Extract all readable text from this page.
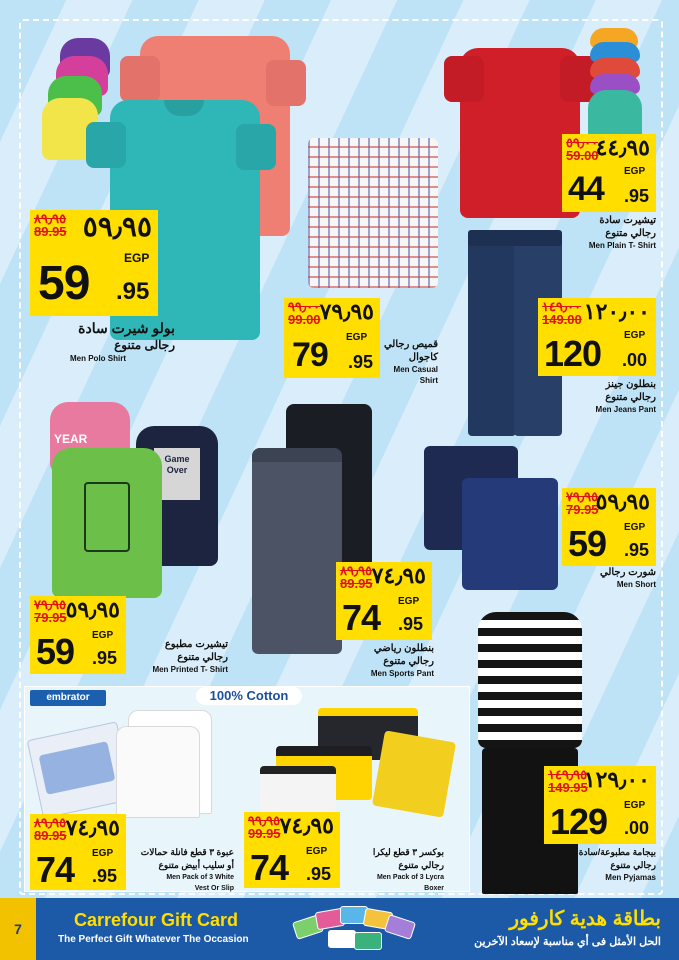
٨٩٫٩٥
89.95 ٥٩٫٩٥
EGP
59 .95
بولو شيرت سادة
رجالى متنوع
Men Polo Shirt
٩٩٫٠٠
99.00 ٧٩٫٩٥
EGP
79 .95
قميص رجالي
كاجوال
Men Casual
Shirt
٥٩٫٠٠
59.00
٤٤٫٩٥
EGP
44 .95
تيشيرت سادة
رجالي متنوع
Men Plain T- Shirt
١٤٩٫٠٠
149.00 ١٢٠٫٠٠
EGP
120 .00
بنطلون جينز
رجالي متنوع
Men Jeans Pant
YEAR
Game Over
٧٩٫٩٥
79.95 ٥٩٫٩٥
EGP
59 .95
تيشيرت مطبوع
رجالي متنوع
Men Printed T- Shirt
٨٩٫٩٥
89.95 ٧٤٫٩٥
EGP
74 .95
بنطلون رياضي
رجالي متنوع
Men Sports Pant
٧٩٫٩٥
79.95
٥٩٫٩٥
EGP
59 .95
شورت رجالي
Men Short
100% Cotton
embrator
٨٩٫٩٥
89.95 ٧٤٫٩٥
EGP
74 .95
عبوة ٣ قطع فانلة حمالات
أو سليب أبيض متنوع
Men Pack of 3 White
Vest Or Slip
٩٩٫٩٥
99.95 ٧٤٫٩٥
EGP
74 .95
بوكسر ٣ قطع ليكرا
رجالي متنوع
Men Pack of 3 Lycra
Boxer
١٤٩٫٩٥
149.95
١٢٩٫٠٠
EGP
129 .00
بيجامة مطبوعة/سادة
رجالي متنوع
Men Pyjamas
7	Carrefour Gift Card
The Perfect Gift Whatever The Occasion
بطاقة هدية كارفور
الحل الأمثل فى أي مناسبة لإسعاد الآخرين
